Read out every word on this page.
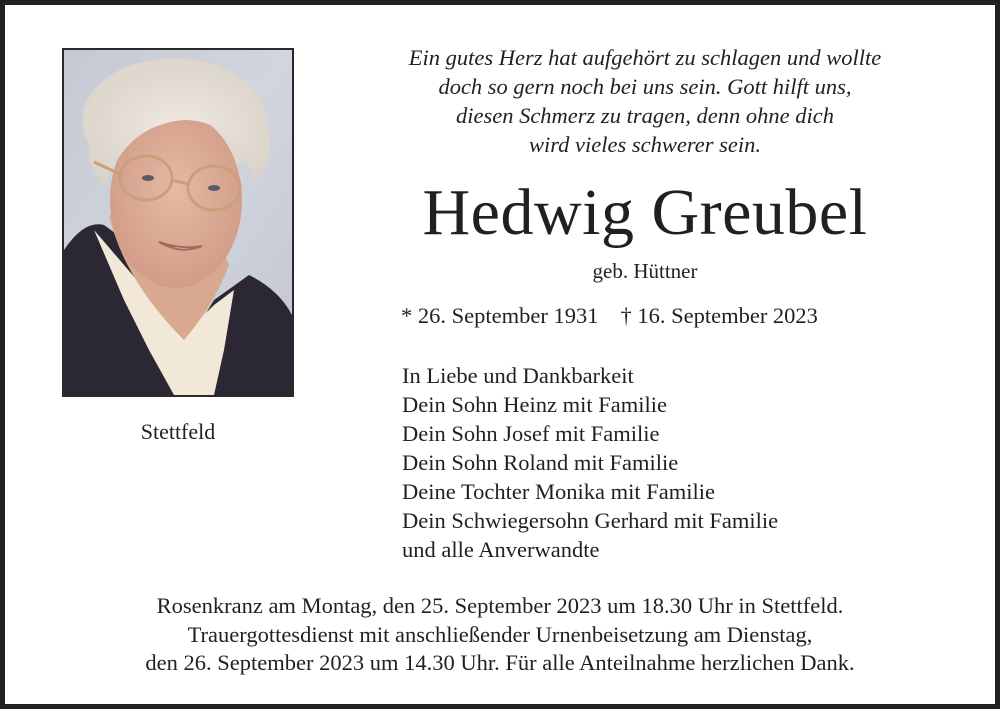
Stettfeld
Ein gutes Herz hat aufgehört zu schlagen und wollte
doch so gern noch bei uns sein. Gott hilft uns,
diesen Schmerz zu tragen, denn ohne dich
wird vieles schwerer sein.
Hedwig Greubel
geb. Hüttner
* 26. September 1931 † 16. September 2023
In Liebe und Dankbarkeit
Dein Sohn Heinz mit Familie
Dein Sohn Josef mit Familie
Dein Sohn Roland mit Familie
Deine Tochter Monika mit Familie
Dein Schwiegersohn Gerhard mit Familie
und alle Anverwandte
Rosenkranz am Montag, den 25. September 2023 um 18.30 Uhr in Stettfeld.
Trauergottesdienst mit anschließender Urnenbeisetzung am Dienstag,
den 26. September 2023 um 14.30 Uhr. Für alle Anteilnahme herzlichen Dank.
